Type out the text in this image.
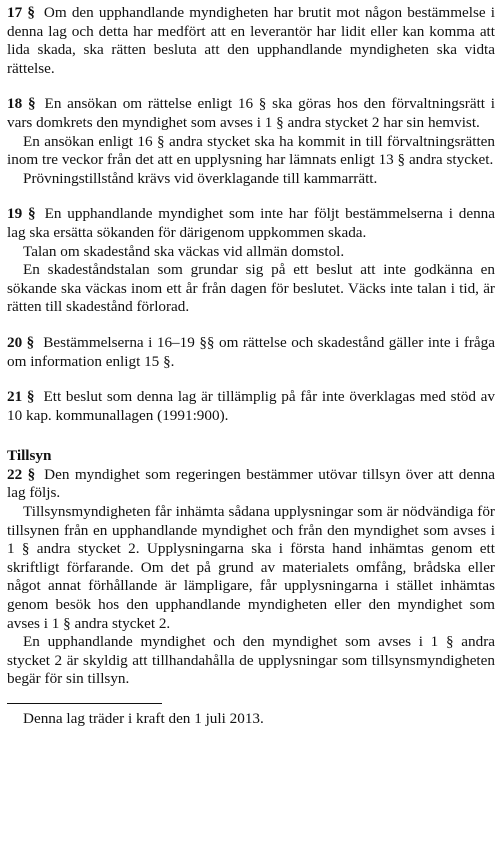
17 § Om den upphandlande myndigheten har brutit mot någon bestämmelse i denna lag och detta har medfört att en leverantör har lidit eller kan komma att lida skada, ska rätten besluta att den upphandlande myndigheten ska vidta rättelse.

18 § En ansökan om rättelse enligt 16 § ska göras hos den förvaltningsrätt i vars domkrets den myndighet som avses i 1 § andra stycket 2 har sin hemvist.

En ansökan enligt 16 § andra stycket ska ha kommit in till förvaltningsrätten inom tre veckor från det att en upplysning har lämnats enligt 13 § andra stycket.

Prövningstillstånd krävs vid överklagande till kammarrätt.

19 § En upphandlande myndighet som inte har följt bestämmelserna i denna lag ska ersätta sökanden för därigenom uppkommen skada.

Talan om skadestånd ska väckas vid allmän domstol.

En skadeståndstalan som grundar sig på ett beslut att inte godkänna en sökande ska väckas inom ett år från dagen för beslutet. Väcks inte talan i tid, är rätten till skadestånd förlorad.

20 § Bestämmelserna i 16–19 §§ om rättelse och skadestånd gäller inte i fråga om information enligt 15 §.

21 § Ett beslut som denna lag är tillämplig på får inte överklagas med stöd av 10 kap. kommunallagen (1991:900).

Tillsyn

22 § Den myndighet som regeringen bestämmer utövar tillsyn över att denna lag följs.

Tillsynsmyndigheten får inhämta sådana upplysningar som är nödvändiga för tillsynen från en upphandlande myndighet och från den myndighet som avses i 1 § andra stycket 2. Upplysningarna ska i första hand inhämtas genom ett skriftligt förfarande. Om det på grund av materialets omfång, brådska eller något annat förhållande är lämpligare, får upplysningarna i stället inhämtas genom besök hos den upphandlande myndigheten eller den myndighet som avses i 1 § andra stycket 2.

En upphandlande myndighet och den myndighet som avses i 1 § andra stycket 2 är skyldig att tillhandahålla de upplysningar som tillsynsmyndigheten begär för sin tillsyn.

Denna lag träder i kraft den 1 juli 2013.
